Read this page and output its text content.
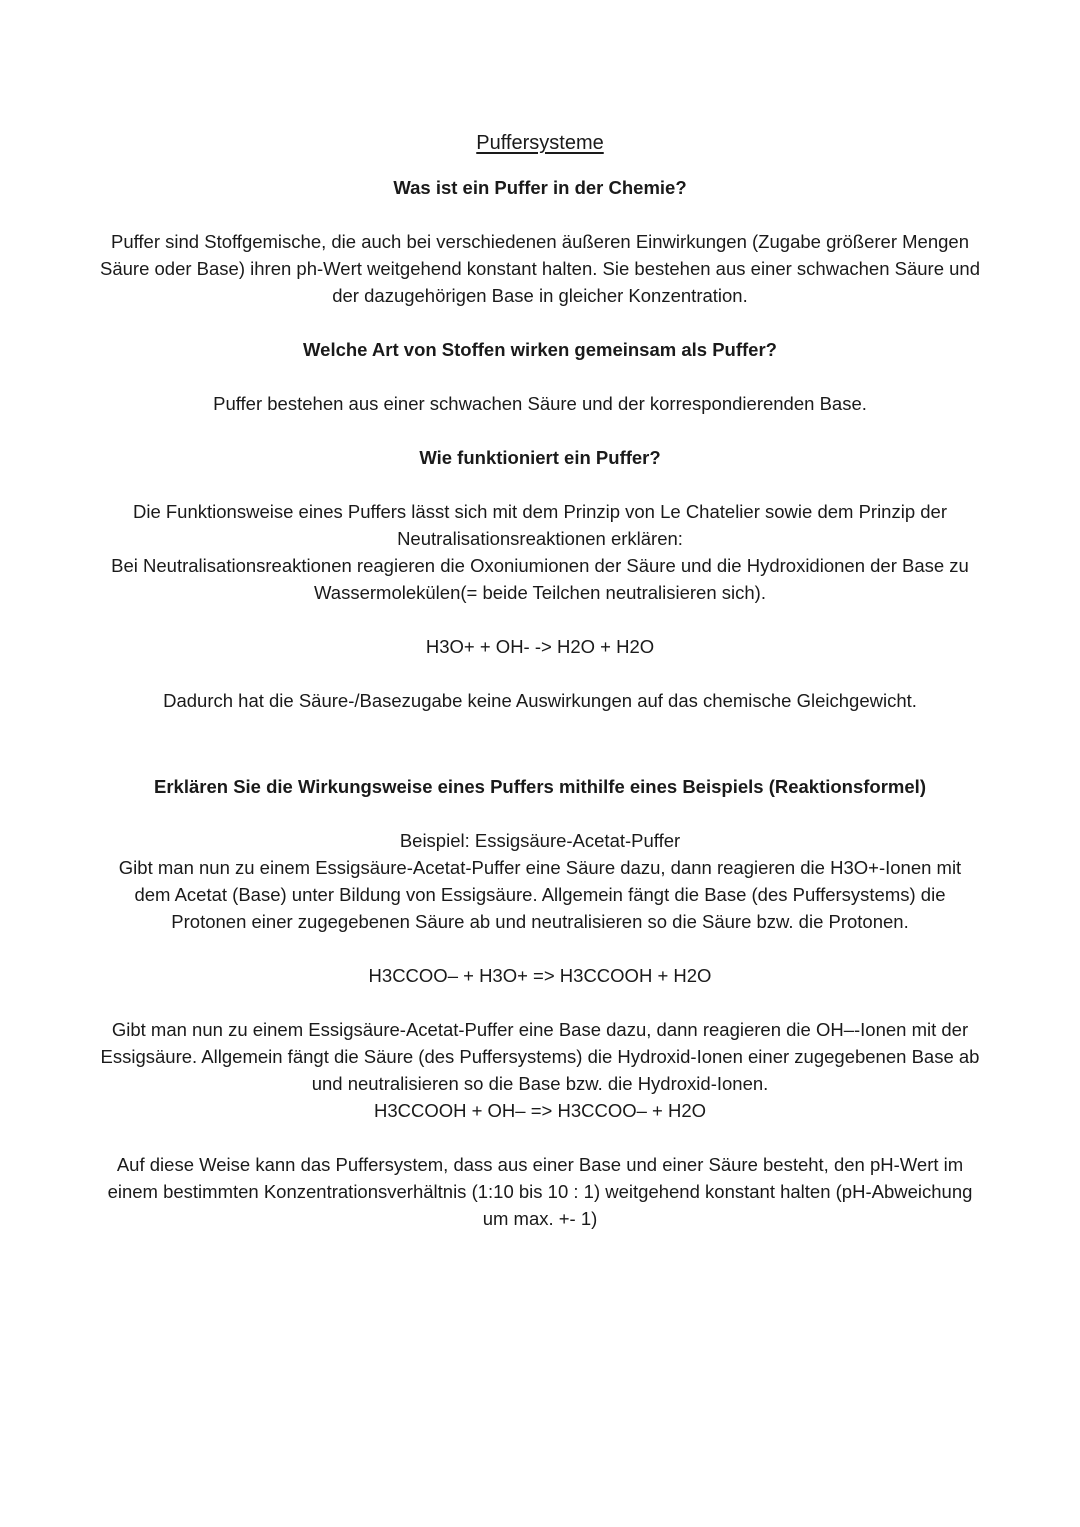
Puffersysteme

Was ist ein Puffer in der Chemie?

Puffer sind Stoffgemische, die auch bei verschiedenen äußeren Einwirkungen (Zugabe größerer Mengen Säure oder Base) ihren ph-Wert weitgehend konstant halten. Sie bestehen aus einer schwachen Säure und der dazugehörigen Base in gleicher Konzentration.

Welche Art von Stoffen wirken gemeinsam als Puffer?

Puffer bestehen aus einer schwachen Säure und der korrespondierenden Base.

Wie funktioniert ein Puffer?

Die Funktionsweise eines Puffers lässt sich mit dem Prinzip von Le Chatelier sowie dem Prinzip der Neutralisationsreaktionen erklären:

Bei Neutralisationsreaktionen reagieren die Oxoniumionen der Säure und die Hydroxidionen der Base zu Wassermolekülen(= beide Teilchen neutralisieren sich).

H3O+ + OH- -> H2O + H2O

Dadurch hat die Säure-/Basezugabe keine Auswirkungen auf das chemische Gleichgewicht.

Erklären Sie die Wirkungsweise eines Puffers mithilfe eines Beispiels (Reaktionsformel)

Beispiel: Essigsäure-Acetat-Puffer

Gibt man nun zu einem Essigsäure-Acetat-Puffer eine Säure dazu, dann reagieren die H3O+-Ionen mit dem Acetat (Base) unter Bildung von Essigsäure. Allgemein fängt die Base (des Puffersystems) die Protonen einer zugegebenen Säure ab und neutralisieren so die Säure bzw. die Protonen.

H3CCOO– + H3O+ => H3CCOOH + H2O

Gibt man nun zu einem Essigsäure-Acetat-Puffer eine Base dazu, dann reagieren die OH–-Ionen mit der Essigsäure. Allgemein fängt die Säure (des Puffersystems) die Hydroxid-Ionen einer zugegebenen Base ab und neutralisieren so die Base bzw. die Hydroxid-Ionen.

H3CCOOH + OH– => H3CCOO– + H2O

Auf diese Weise kann das Puffersystem, dass aus einer Base und einer Säure besteht, den pH-Wert im einem bestimmten Konzentrationsverhältnis (1:10 bis 10 : 1) weitgehend konstant halten (pH-Abweichung um max. +- 1)
